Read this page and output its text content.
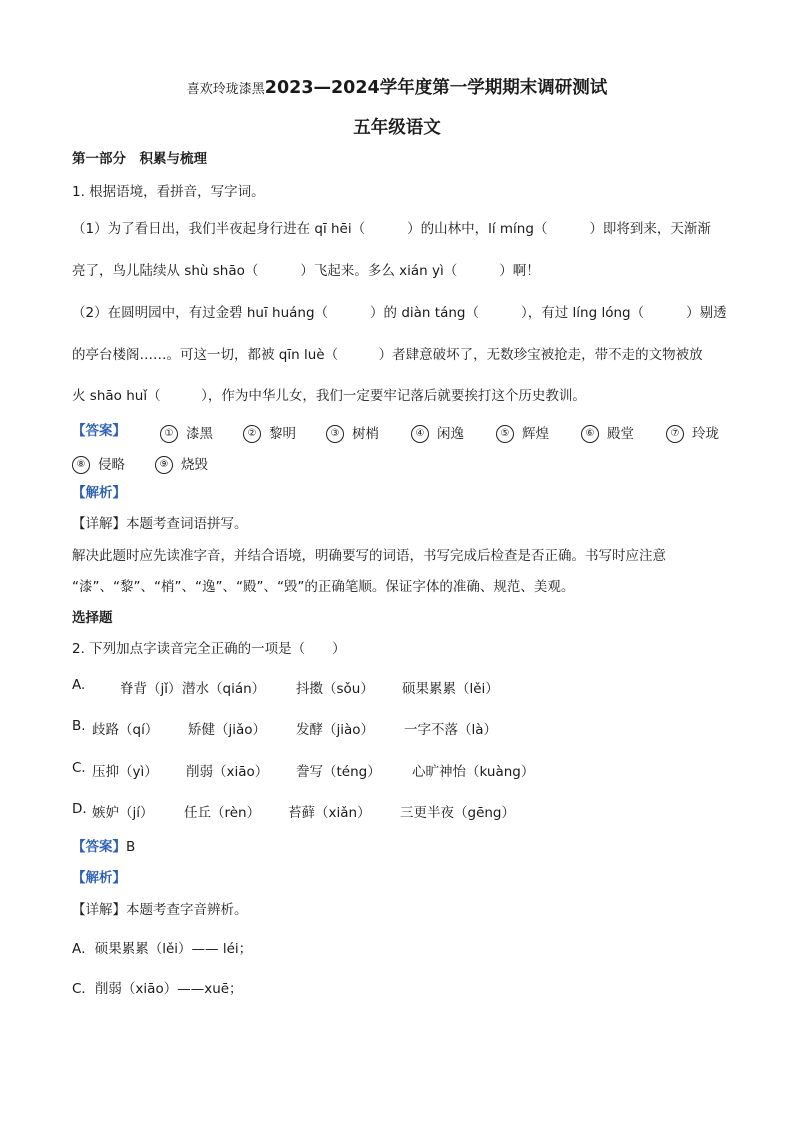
喜欢玲珑漆黑2023—2024学年度第一学期期末调研测试
五年级语文
第一部分　积累与梳理
1. 根据语境，看拼音，写字词。
（1）为了看日出，我们半夜起身行进在 qī hēi（	）的山林中，lí míng（	）即将到来，天渐渐
亮了，鸟儿陆续从 shù shāo（	）飞起来。多么 xián yì（	）啊！
（2）在圆明园中，有过金碧 huī huáng（	）的 diàn táng（	），有过 líng lóng（	）剔透
的亭台楼阁……。可这一切，都被 qīn luè（　　　）者肆意破坏了，无数珍宝被抢走，带不走的文物被放
火 shāo huǐ（　　　），作为中华儿女，我们一定要牢记落后就要挨打这个历史教训。
【答案】	① 漆黑	② 黎明	③ 树梢	④ 闲逸	⑤ 辉煌	⑥ 殿堂	⑦ 玲珑
⑧ 侵略	⑨ 烧毁
【解析】
【详解】本题考查词语拼写。
解决此题时应先读准字音，并结合语境，明确要写的词语，书写完成后检查是否正确。书写时应注意
“漆”、“黎”、“梢”、“逸”、“殿”、“毁”的正确笔顺。保证字体的准确、规范、美观。
选择题
2. 下列加点字读音完全正确的一项是（　　）
A.	脊背（jǐ） 潜水（qián） 抖擞（sǒu） 硕果累累（lěi）
B. 歧路（qí） 矫健（jiǎo） 发酵（jiào） 一字不落（là）
C. 压抑（yì） 削弱（xiāo） 誊写（téng） 心旷神怡（kuàng）
D. 嫉妒（jí） 任丘（rèn） 苔藓（xiǎn） 三更半夜（gēng）
【答案】B
【解析】
【详解】本题考查字音辨析。
A．硕果累累（lěi）—— léi；
C．削弱（xiāo）——xuē；
